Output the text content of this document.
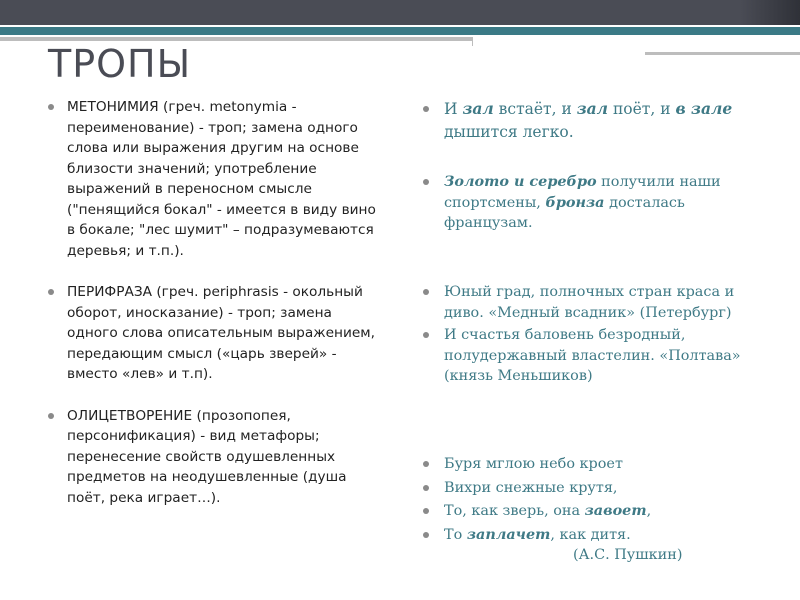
ТРОПЫ
МЕТОНИМИЯ (греч. metonymia - переименование) - троп; замена одного слова или выражения другим на основе близости значений; употребление выражений в переносном смысле ("пенящийся бокал" - имеется в виду вино в бокале; "лес шумит" – подразумеваются деревья; и т.п.).
ПЕРИФРАЗА (греч. periphrasis - окольный оборот, иносказание) - троп; замена одного слова описательным выражением, передающим смысл («царь зверей» - вместо «лев» и т.п).
ОЛИЦЕТВОРЕНИЕ (прозопопея, персонификация) - вид метафоры; перенесение свойств одушевленных предметов на неодушевленные (душа поёт, река играет…).
И зал встаёт, и зал поёт, и в зале дышится легко.
Золото и серебро получили наши спортсмены, бронза досталась французам.
Юный град, полночных стран краса и диво. «Медный всадник» (Петербург)
И счастья баловень безродный, полудержавный властелин. «Полтава» (князь Меньшиков)
Буря мглою небо кроет
Вихри снежные крутя,
То, как зверь, она завоет,
То заплачет, как дитя.
(А.С. Пушкин)
